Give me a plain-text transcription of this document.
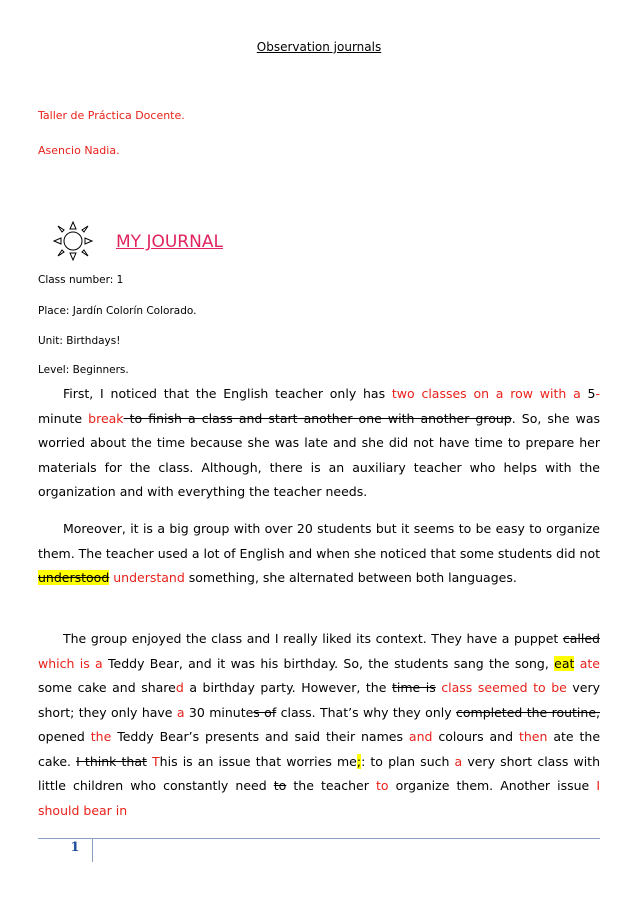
Observation journals
Taller de Práctica Docente.
Asencio Nadia.
MY JOURNAL
Class number: 1
Place: Jardín Colorín Colorado.
Unit: Birthdays!
Level: Beginners.

First, I noticed that the English teacher only has two classes on a row with a 5- minute break to finish a class and start another one with another group. So, she was worried about the time because she was late and she did not have time to prepare her materials for the class. Although, there is an auxiliary teacher who helps with the organization and with everything the teacher needs.

Moreover, it is a big group with over 20 students but it seems to be easy to organize them. The teacher used a lot of English and when she noticed that some students did not understood understand something, she alternated between both languages.

The group enjoyed the class and I really liked its context. They have a puppet called which is a Teddy Bear, and it was his birthday. So, the students sang the song, eat ate some cake and shared a birthday party. However, the time is class seemed to be very short; they only have a 30 minutes of class. That’s why they only completed the routine, opened the Teddy Bear’s presents and said their names and colours and then ate the cake. I think that This is an issue that worries me;: to plan such a very short class with little children who constantly need to the teacher to organize them. Another issue I should bear in

1
